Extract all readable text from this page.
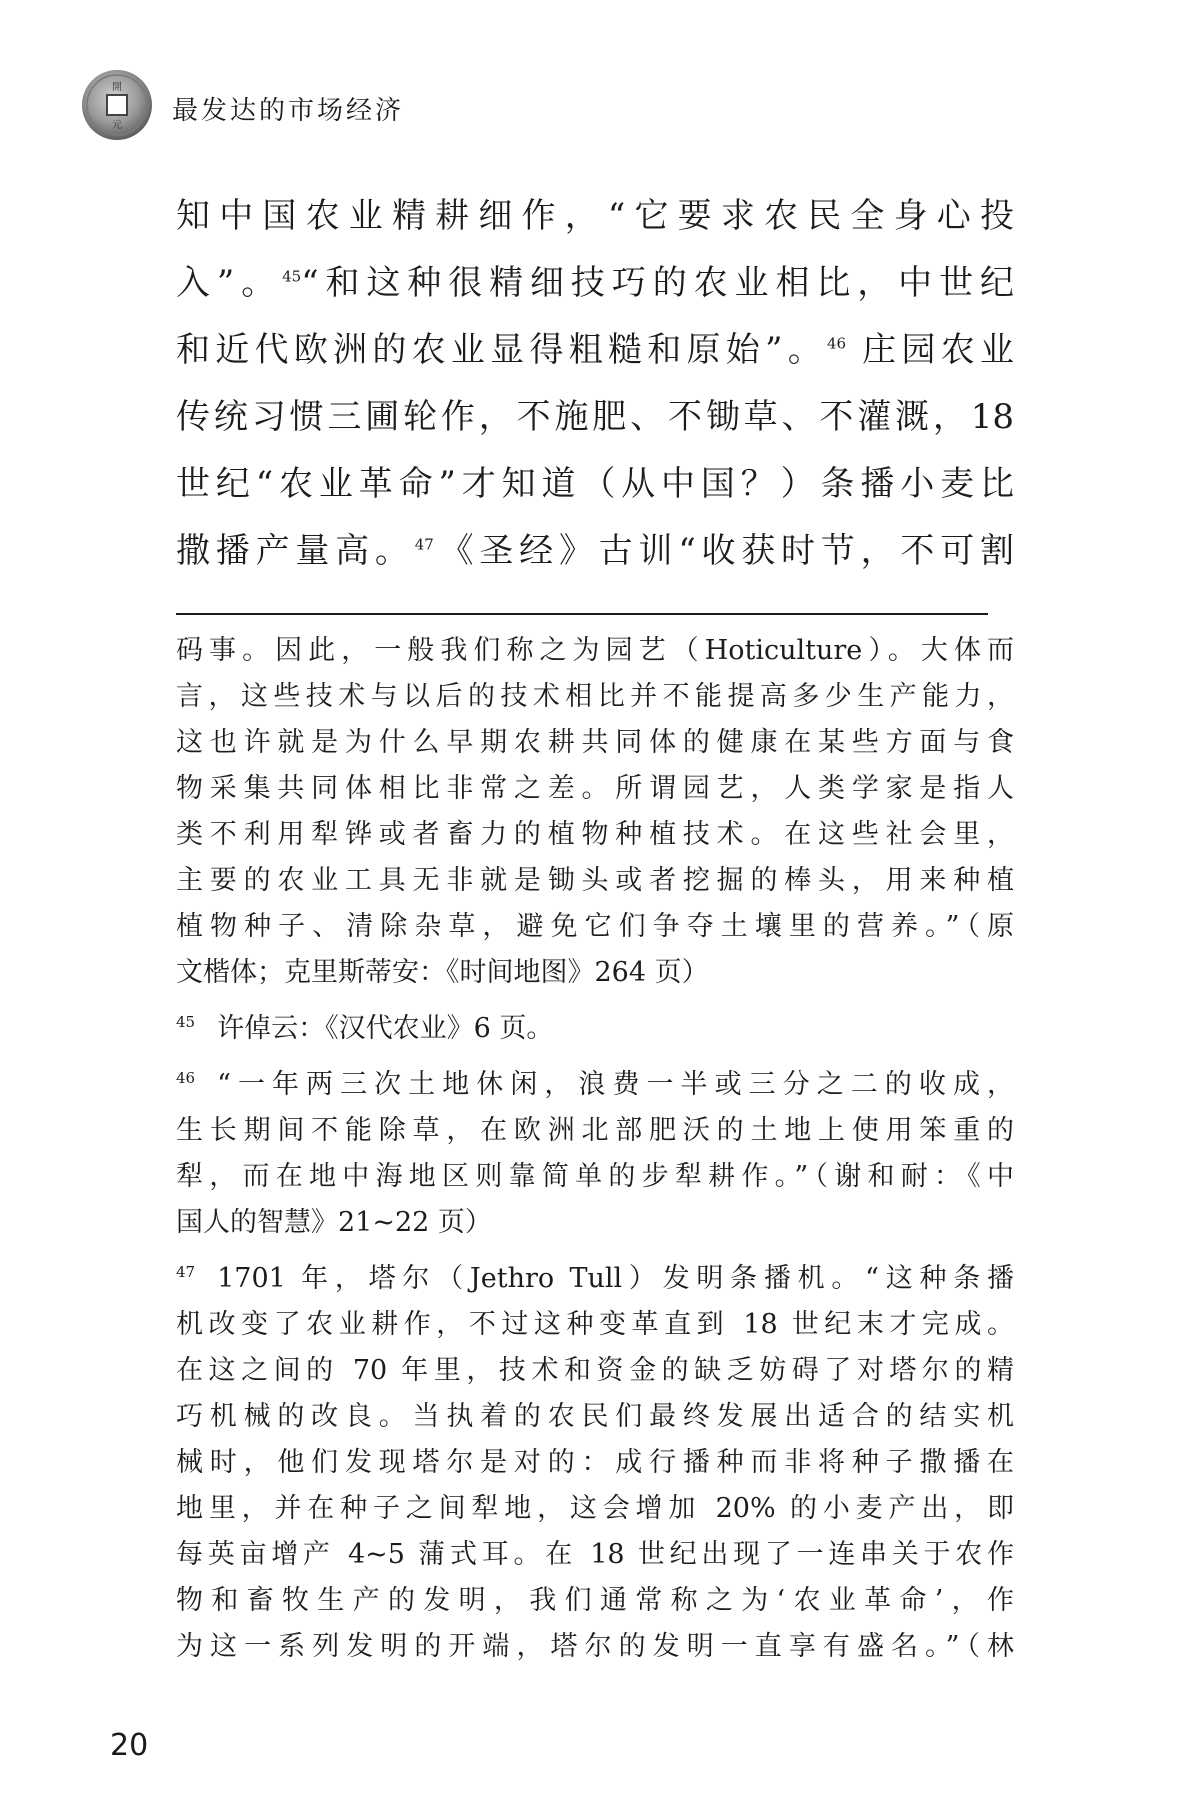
開
元 最发达的市场经济
知中国农业精耕细作，“它要求农民全身心投
入”。$^{45}$“和这种很精细技巧的农业相比，中世纪
和近代欧洲的农业显得粗糙和原始”。$^{46}$ 庄园农业
传统习惯三圃轮作，不施肥、不锄草、不灌溉，18
世纪“农业革命”才知道（从中国？）条播小麦比
撒播产量高。$^{47}$《圣经》古训“收获时节，不可割
码事。因此，一般我们称之为园艺（Hoticulture）。大体而
言，这些技术与以后的技术相比并不能提高多少生产能力，
这也许就是为什么早期农耕共同体的健康在某些方面与食
物采集共同体相比非常之差。所谓园艺，人类学家是指人
类不利用犁铧或者畜力的植物种植技术。在这些社会里，
主要的农业工具无非就是锄头或者挖掘的棒头，用来种植
植物种子、清除杂草，避免它们争夺土壤里的营养。”（原
文楷体；克里斯蒂安：《时间地图》264 页）
$^{45}$ 许倬云：《汉代农业》6 页。
$^{46}$ “一年两三次土地休闲，浪费一半或三分之二的收成，
生长期间不能除草，在欧洲北部肥沃的土地上使用笨重的
犁，而在地中海地区则靠简单的步犁耕作。”（谢和耐：《中
国人的智慧》21~22 页）
$^{47}$ 1701 年，塔尔（Jethro Tull）发明条播机。“这种条播
机改变了农业耕作，不过这种变革直到 18 世纪末才完成。
在这之间的 70 年里，技术和资金的缺乏妨碍了对塔尔的精
巧机械的改良。当执着的农民们最终发展出适合的结实机
械时，他们发现塔尔是对的：成行播种而非将种子撒播在
地里，并在种子之间犁地，这会增加 20% 的小麦产出，即
每英亩增产 4~5 蒲式耳。在 18 世纪出现了一连串关于农作
物和畜牧生产的发明，我们通常称之为‘农业革命’，作
为这一系列发明的开端，塔尔的发明一直享有盛名。”（林
20
